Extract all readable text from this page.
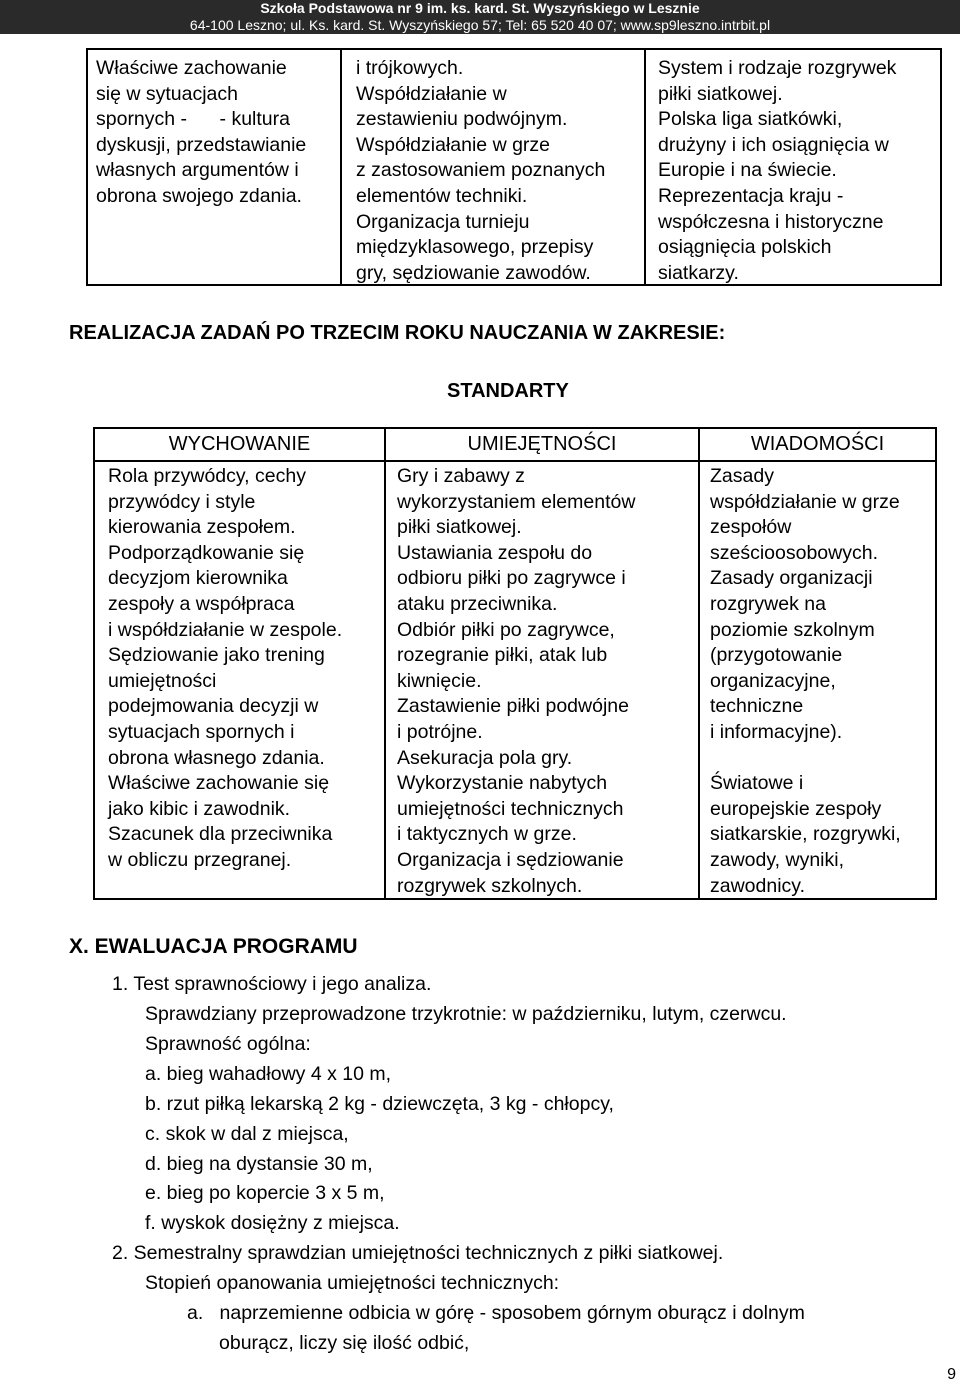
Szkoła Podstawowa nr 9 im. ks. kard. St. Wyszyńskiego w Lesznie
64-100 Leszno; ul. Ks. kard. St. Wyszyńskiego 57; Tel: 65 520 40 07; www.sp9leszno.intrbit.pl
Właściwe zachowanie
się w sytuacjach
spornych -      - kultura
dyskusji, przedstawianie
własnych argumentów i
obrona swojego zdania.
i trójkowych.
Współdziałanie w
zestawieniu podwójnym.
Współdziałanie w grze
z zastosowaniem poznanych
elementów techniki.
Organizacja turnieju
międzyklasowego, przepisy
gry, sędziowanie zawodów.
System i rodzaje rozgrywek
piłki siatkowej.
Polska liga siatkówki,
drużyny i ich osiągnięcia w
Europie i na świecie.
Reprezentacja kraju -
współczesna i historyczne
osiągnięcia polskich
siatkarzy.
REALIZACJA ZADAŃ PO TRZECIM ROKU NAUCZANIA W ZAKRESIE:
STANDARTY
WYCHOWANIE	UMIEJĘTNOŚCI	WIADOMOŚCI
Rola przywódcy, cechy
przywódcy i style
kierowania zespołem.
Podporządkowanie się
decyzjom kierownika
zespoły a współpraca
i współdziałanie w zespole.
Sędziowanie jako trening
umiejętności
podejmowania decyzji w
sytuacjach spornych i
obrona własnego zdania.
Właściwe zachowanie się
jako kibic i zawodnik.
Szacunek dla przeciwnika
w obliczu przegranej.
Gry i zabawy z
wykorzystaniem elementów
piłki siatkowej.
Ustawiania zespołu do
odbioru piłki po zagrywce i
ataku przeciwnika.
Odbiór piłki po zagrywce,
rozegranie piłki, atak lub
kiwnięcie.
Zastawienie piłki podwójne
i potrójne.
Asekuracja pola gry.
Wykorzystanie nabytych
umiejętności technicznych
i taktycznych w grze.
Organizacja i sędziowanie
rozgrywek szkolnych.
Zasady
współdziałanie w grze
zespołów
sześcioosobowych.
Zasady organizacji
rozgrywek na
poziomie szkolnym
(przygotowanie
organizacyjne,
techniczne
i informacyjne).
Światowe i
europejskie zespoły
siatkarskie, rozgrywki,
zawody, wyniki,
zawodnicy.
X. EWALUACJA PROGRAMU
1. Test sprawnościowy i jego analiza.
Sprawdziany przeprowadzone trzykrotnie: w październiku, lutym, czerwcu.
Sprawność ogólna:
a. bieg wahadłowy 4 x 10 m,
b. rzut piłką lekarską 2 kg - dziewczęta, 3 kg - chłopcy,
c. skok w dal z miejsca,
d. bieg na dystansie 30 m,
e. bieg po kopercie 3 x 5 m,
f. wyskok dosiężny z miejsca.
2. Semestralny sprawdzian umiejętności technicznych z piłki siatkowej.
Stopień opanowania umiejętności technicznych:
a.   naprzemienne odbicia w górę - sposobem górnym oburącz i dolnym
oburącz, liczy się ilość odbić,
9
